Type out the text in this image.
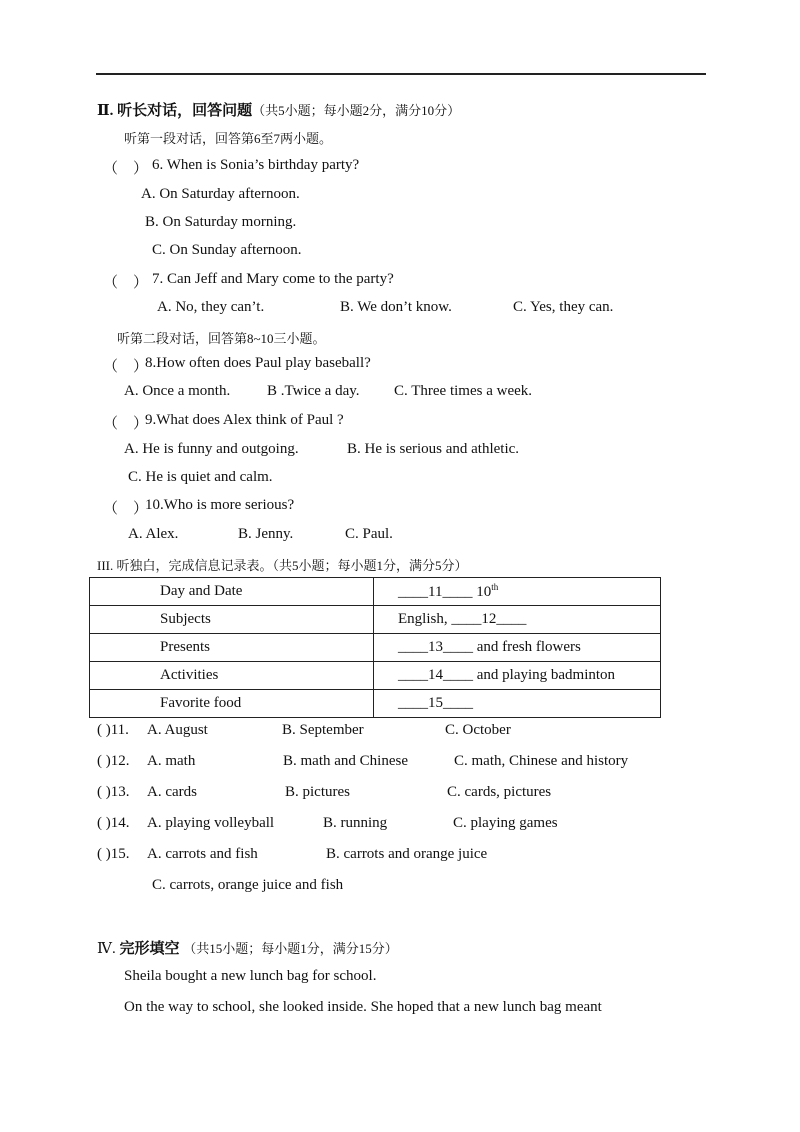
Ⅱ. 听长对话，回答问题（共5小题；每小题2分，满分10分）
听第一段对话，回答第6至7两小题。
（　） 6. When is Sonia’s birthday party?
A. On Saturday afternoon.
B. On Saturday morning.
C. On Sunday afternoon.
（　） 7. Can Jeff and Mary come to the party?
A. No, they can’t.	B. We don’t know.	C. Yes, they can.
听第二段对话，回答第8~10三小题。
（　）
8.How often does Paul play baseball?
A. Once a month. B .Twice a day. C. Three times a week.
（　）
9.What does Alex think of Paul ?
A. He is funny and outgoing.	B. He is serious and athletic.
C. He is quiet and calm.
（　）
10.Who is more serious?
A. Alex.	B. Jenny.	C. Paul.
III. 听独白，完成信息记录表。（共5小题；每小题1分，满分5分）
Day and Date	____11____ 10th
Subjects	English, ____12____
Presents	____13____ and fresh flowers
Activities	____14____ and playing badminton
Favorite food	____15____
( )11. A. August	B. September	C. October
( )12. A. math	B. math and Chinese	C. math, Chinese and history
( )13. A. cards	B. pictures	C. cards, pictures
( )14. A. playing volleyball	B. running	C. playing games
( )15. A. carrots and fish	B. carrots and orange juice
C. carrots, orange juice and fish
Ⅳ. 完形填空 （共15小题；每小题1分，满分15分）
Sheila bought a new lunch bag for school.
On the way to school, she looked inside. She hoped that a new lunch bag meant
